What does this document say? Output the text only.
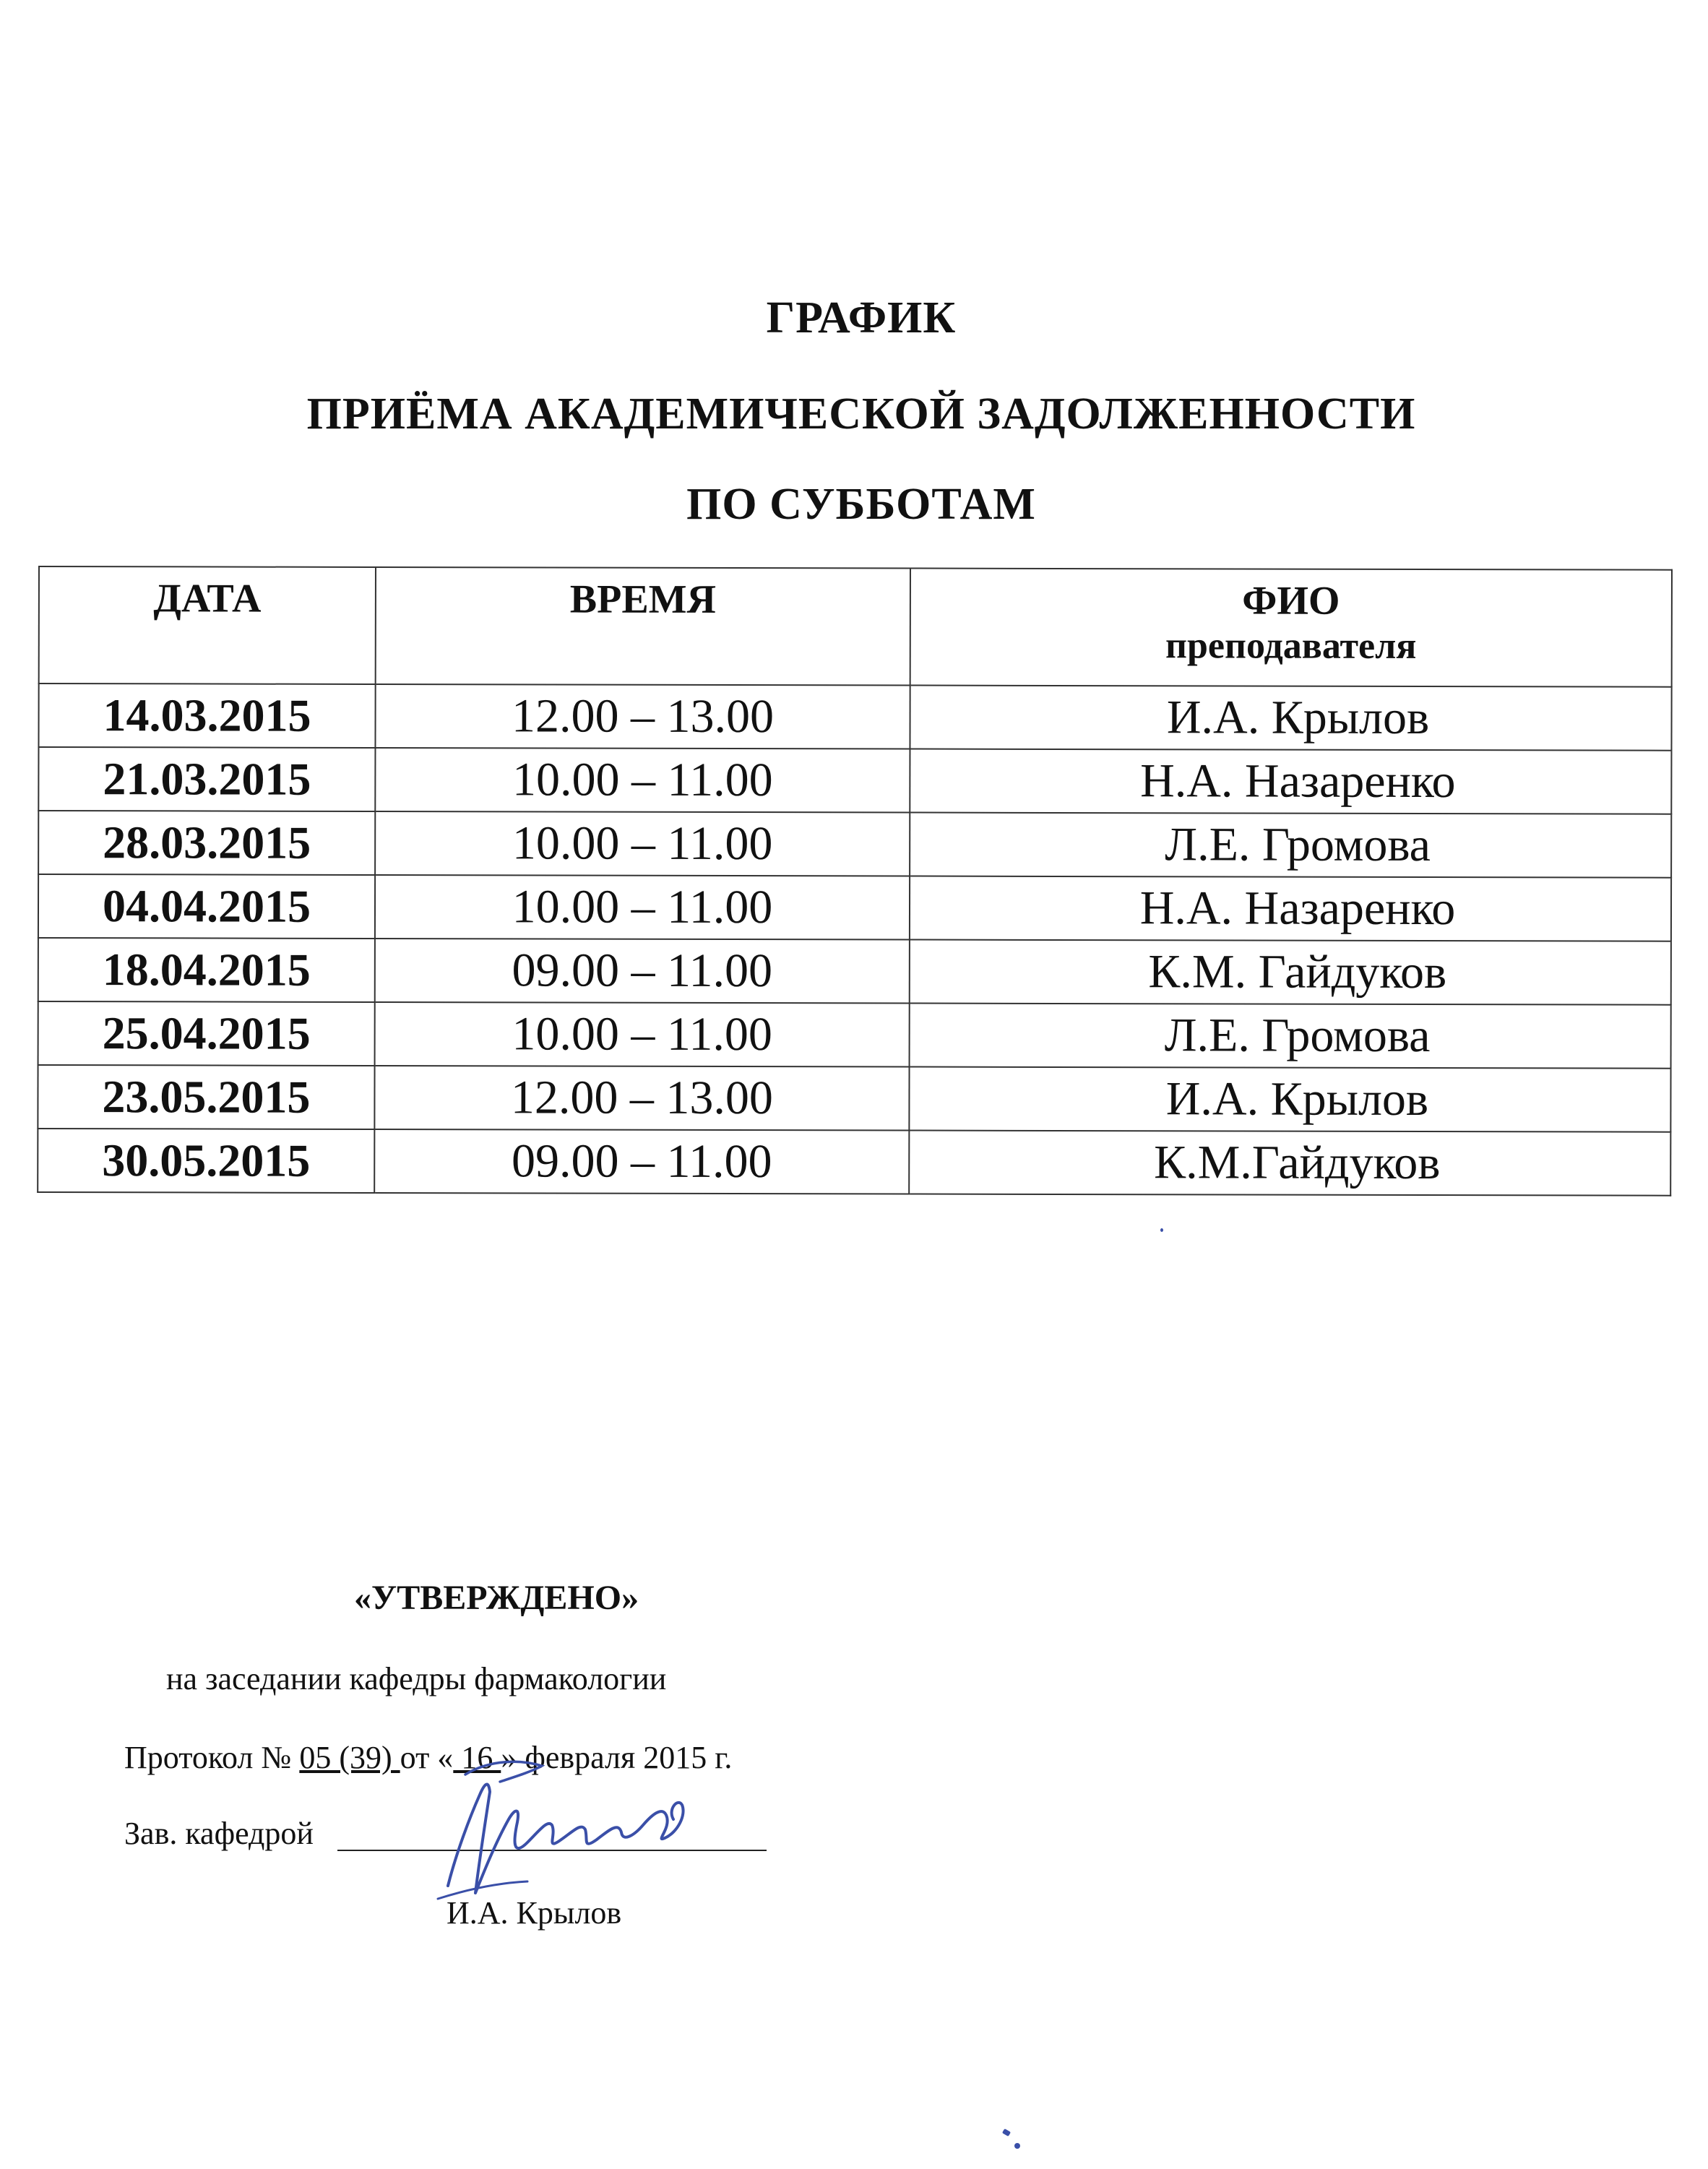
ГРАФИК
ПРИЁМА АКАДЕМИЧЕСКОЙ ЗАДОЛЖЕННОСТИ
ПО СУББОТАМ
ДАТА	ВРЕМЯ	ФИО
преподавателя

14.03.2015	12.00 – 13.00	И.А. Крылов
21.03.2015	10.00 – 11.00	Н.А. Назаренко
28.03.2015	10.00 – 11.00	Л.Е. Громова
04.04.2015	10.00 – 11.00	Н.А. Назаренко
18.04.2015	09.00 – 11.00	К.М. Гайдуков
25.04.2015	10.00 – 11.00	Л.Е. Громова
23.05.2015	12.00 – 13.00	И.А. Крылов
30.05.2015	09.00 – 11.00	К.М.Гайдуков
«УТВЕРЖДЕНО»
на заседании кафедры фармакологии
Протокол № 05 (39) от « 16 » февраля 2015 г.
Зав. кафедрой
И.А. Крылов
